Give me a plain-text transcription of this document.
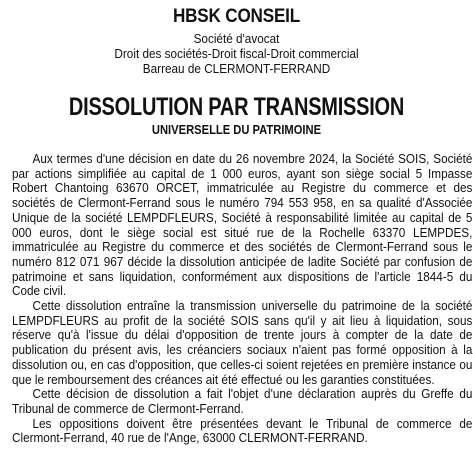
HBSK CONSEIL
Société d'avocat
Droit des sociétés-Droit fiscal-Droit commercial
Barreau de CLERMONT-FERRAND
DISSOLUTION PAR TRANSMISSION
UNIVERSELLE DU PATRIMOINE

Aux termes d'une décision en date du 26 novembre 2024, la Société SOIS, Société par actions simplifiée au capital de 1 000 euros, ayant son siège social 5 Impasse Robert Chantoing 63670 ORCET, immatriculée au Registre du commerce et des sociétés de Clermont-Ferrand sous le numéro 794 553 958, en sa qualité d'Associée Unique de la société LEMPDFLEURS, Société à responsabilité limitée au capital de 5 000 euros, dont le siège social est situé rue de la Rochelle 63370 LEMPDES, immatriculée au Registre du commerce et des sociétés de Clermont-Ferrand sous le numéro 812 071 967 décide la dissolution anticipée de ladite Société par confusion de patrimoine et sans liquidation, conformément aux dispositions de l'article 1844-5 du Code civil.

Cette dissolution entraîne la transmission universelle du patrimoine de la société LEMPDFLEURS au profit de la société SOIS sans qu'il y ait lieu à liquidation, sous réserve qu'à l'issue du délai d'opposition de trente jours à compter de la date de publication du présent avis, les créanciers sociaux n'aient pas formé opposition à la dissolution ou, en cas d'opposition, que celles-ci soient rejetées en première instance ou que le remboursement des créances ait été effectué ou les garanties constituées.

Cette décision de dissolution a fait l'objet d'une déclaration auprès du Greffe du Tribunal de commerce de Clermont-Ferrand.

Les oppositions doivent être présentées devant le Tribunal de commerce de Clermont-Ferrand, 40 rue de l'Ange, 63000 CLERMONT-FERRAND.
